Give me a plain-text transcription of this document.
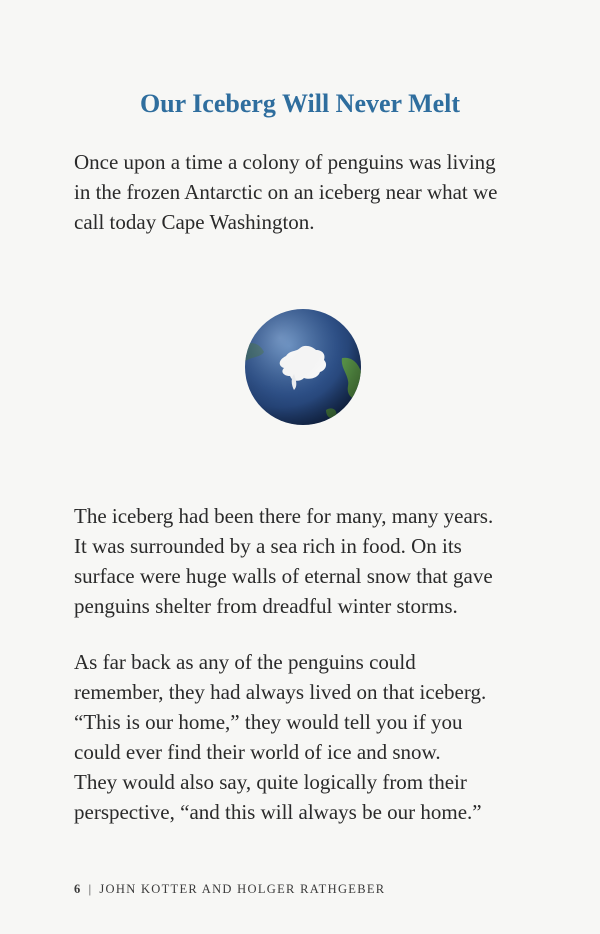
Our Iceberg Will Never Melt

Once upon a time a colony of penguins was living
in the frozen Antarctic on an iceberg near what we
call today Cape Washington.

The iceberg had been there for many, many years.
It was surrounded by a sea rich in food. On its
surface were huge walls of eternal snow that gave
penguins shelter from dreadful winter storms.

As far back as any of the penguins could
remember, they had always lived on that iceberg.
“This is our home,” they would tell you if you
could ever find their world of ice and snow.
They would also say, quite logically from their
perspective, “and this will always be our home.”

6 | JOHN KOTTER AND HOLGER RATHGEBER
